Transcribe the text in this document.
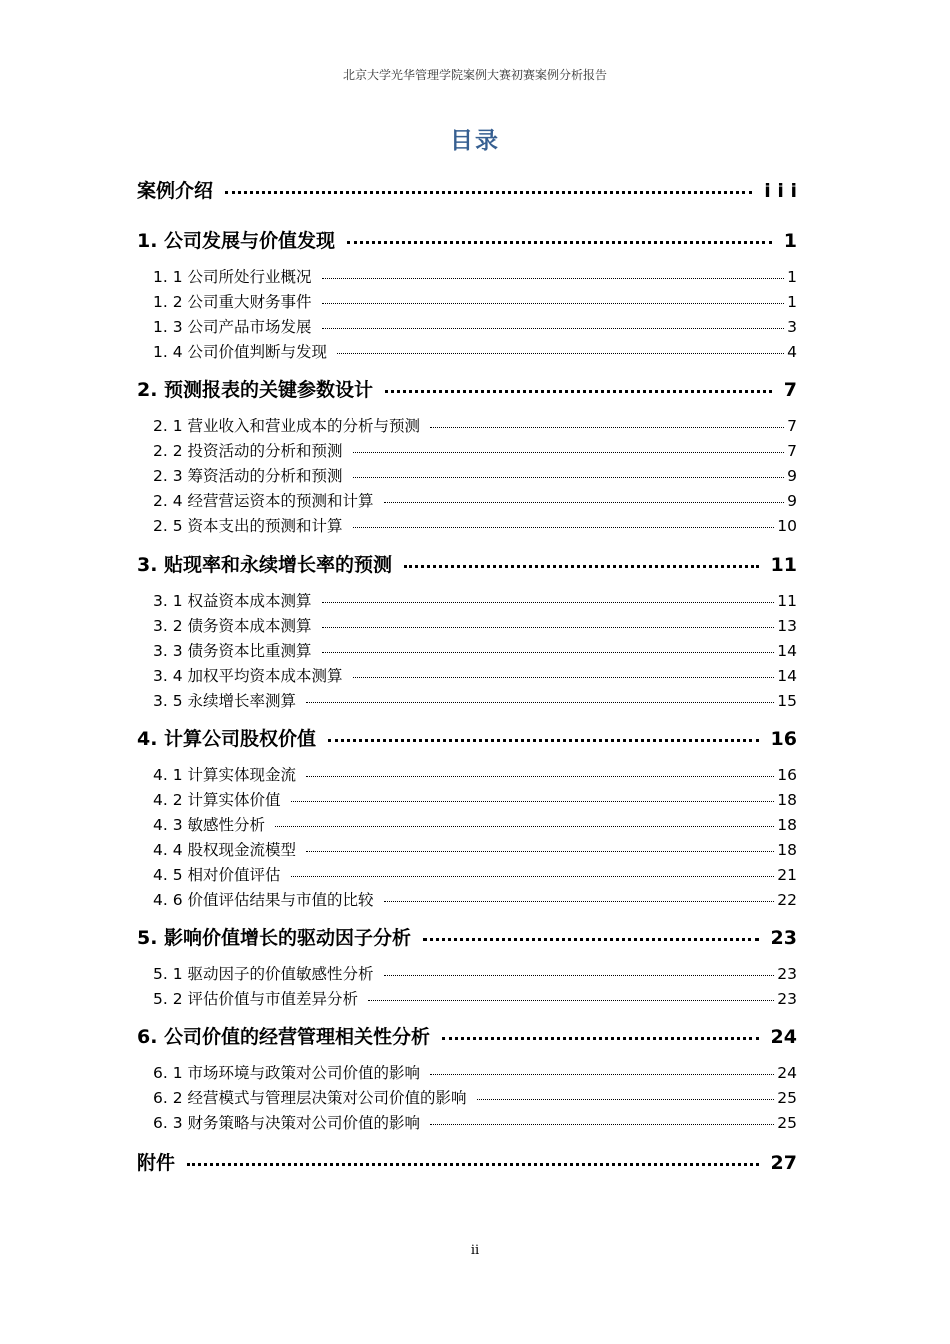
北京大学光华管理学院案例大赛初赛案例分析报告
目录
案例介绍	i i i
1. 公司发展与价值发现	1
1. 1 公司所处行业概况	1
1. 2 公司重大财务事件	1
1. 3 公司产品市场发展	3
1. 4 公司价值判断与发现	4
2. 预测报表的关键参数设计	7
2. 1 营业收入和营业成本的分析与预测	7
2. 2 投资活动的分析和预测	7
2. 3 筹资活动的分析和预测	9
2. 4 经营营运资本的预测和计算	9
2. 5 资本支出的预测和计算	10
3. 贴现率和永续增长率的预测	11
3. 1 权益资本成本测算	11
3. 2 债务资本成本测算	13
3. 3 债务资本比重测算	14
3. 4 加权平均资本成本测算	14
3. 5 永续增长率测算	15
4. 计算公司股权价值	16
4. 1 计算实体现金流	16
4. 2 计算实体价值	18
4. 3 敏感性分析	18
4. 4 股权现金流模型	18
4. 5 相对价值评估	21
4. 6 价值评估结果与市值的比较	22
5. 影响价值增长的驱动因子分析	23
5. 1 驱动因子的价值敏感性分析	23
5. 2 评估价值与市值差异分析	23
6. 公司价值的经营管理相关性分析	24
6. 1 市场环境与政策对公司价值的影响	24
6. 2 经营模式与管理层决策对公司价值的影响	25
6. 3 财务策略与决策对公司价值的影响	25
附件	27
ii
